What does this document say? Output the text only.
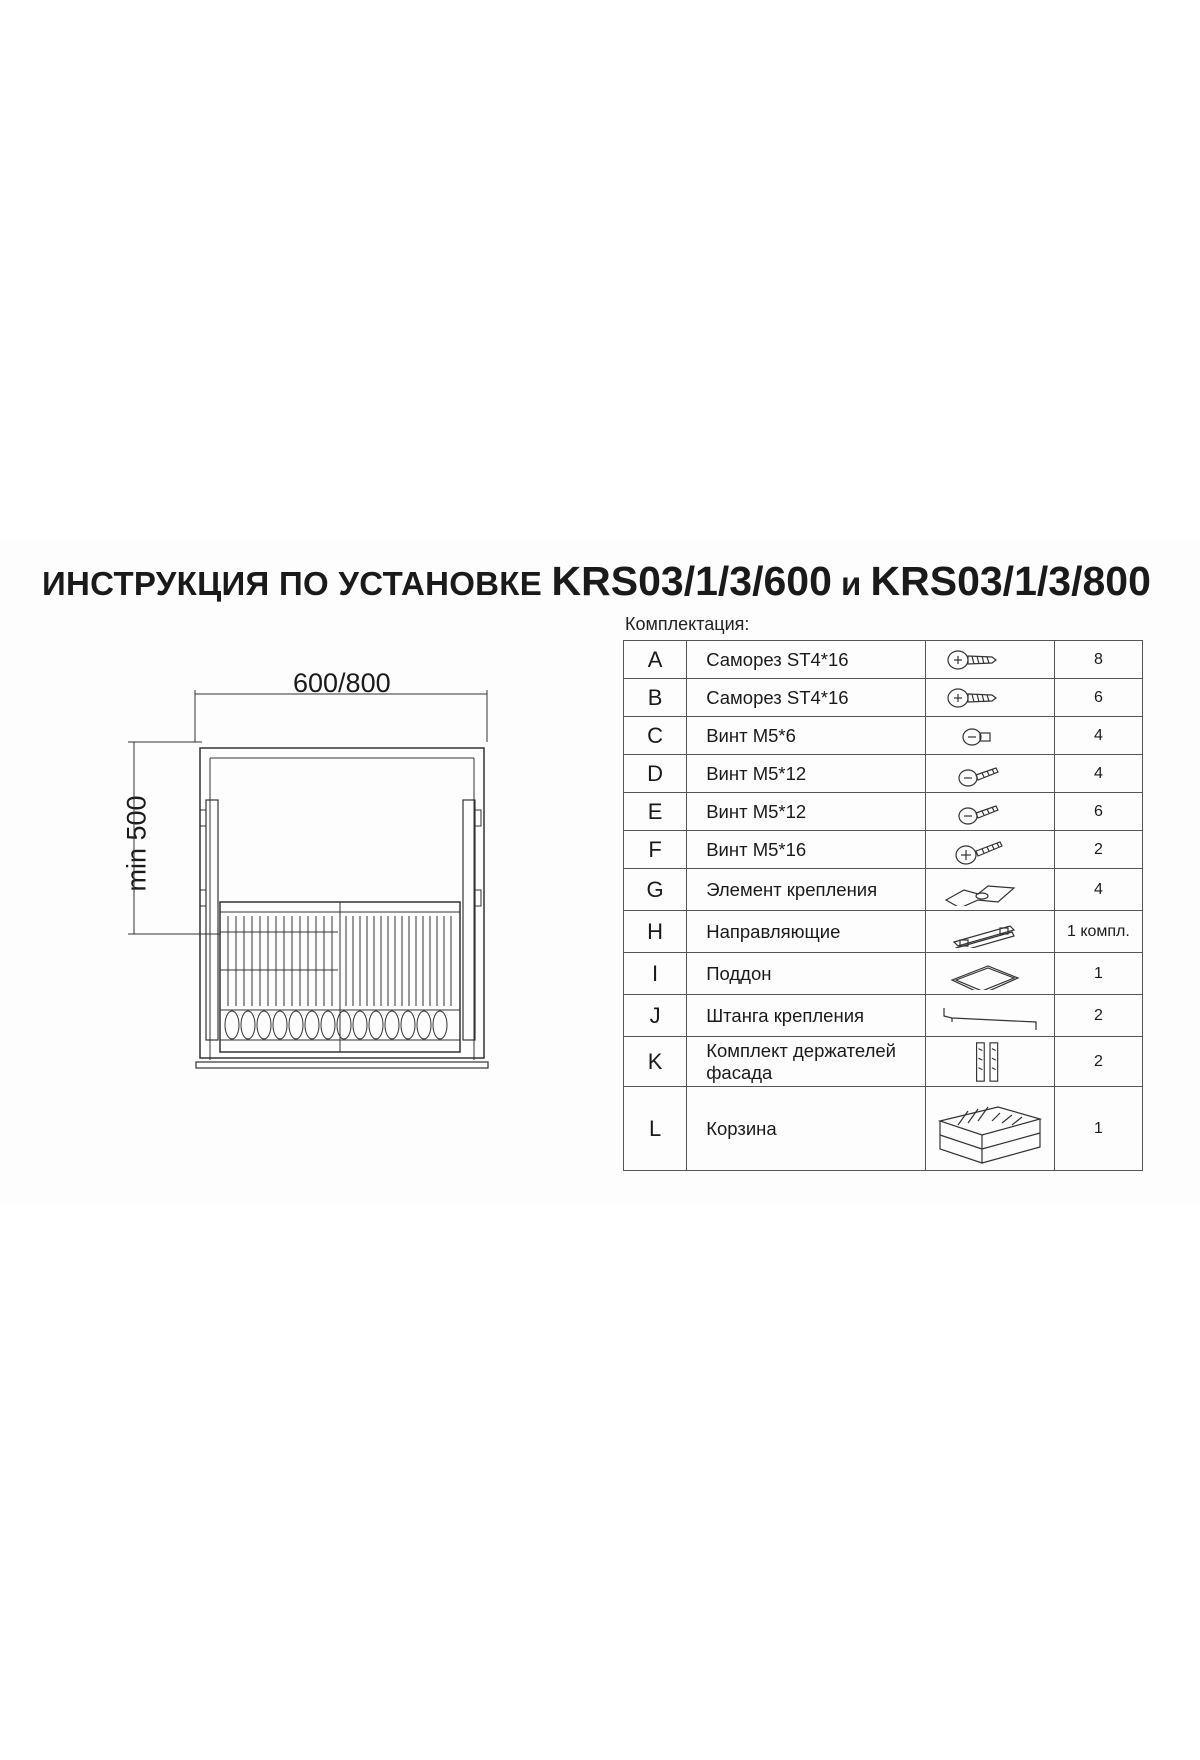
ИНСТРУКЦИЯ ПО УСТАНОВКЕ KRS03/1/3/600 и KRS03/1/3/800
600/800
min 500
Комплектация:
A	Саморез ST4*16		8
B	Саморез ST4*16		6
C	Винт M5*6		4
D	Винт M5*12		4
E	Винт M5*12		6
F	Винт M5*16		2
G	Элемент крепления		4
H	Направляющие		1 компл.
I	Поддон		1
J	Штанга крепления		2
K	Комплект держателей фасада		2
L	Корзина		1
